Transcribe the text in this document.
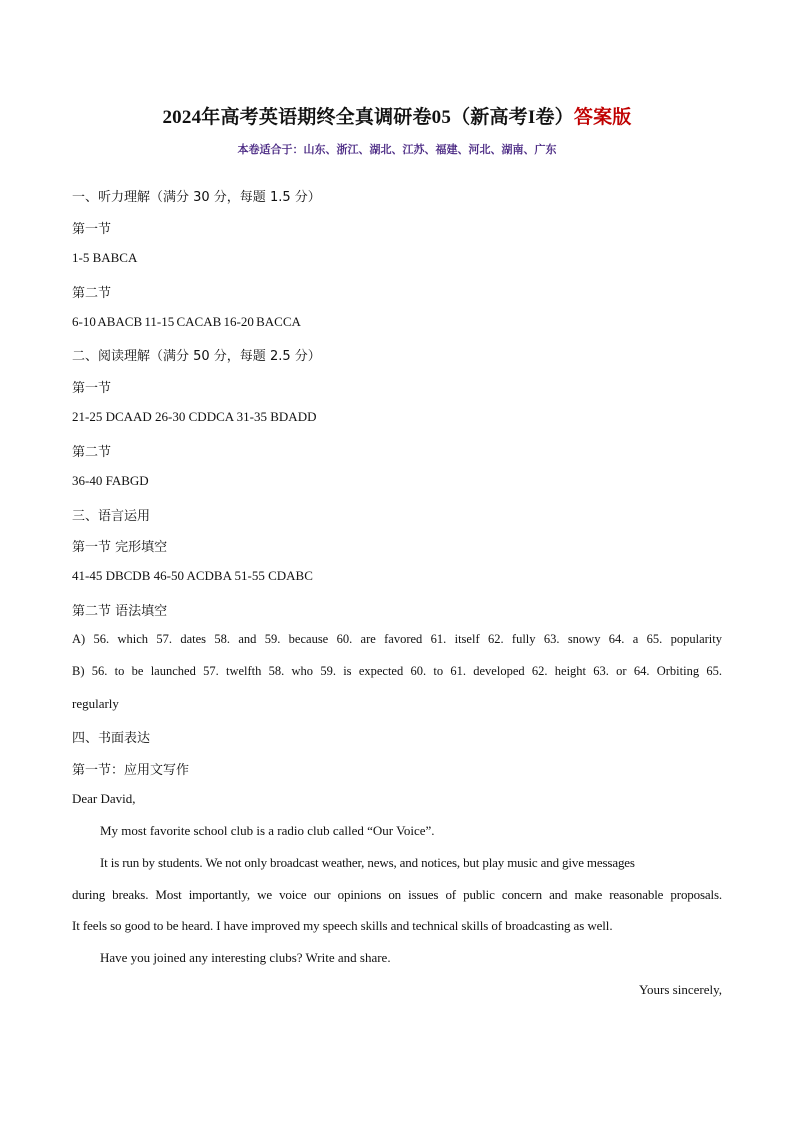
2024年高考英语期终全真调研卷05（新高考I卷）答案版
本卷适合于：山东、浙江、湖北、江苏、福建、河北、湖南、广东
一、听力理解（满分 30 分，每题 1.5 分）
第一节
1-5 BABCA
第二节
6-10 ABACB 11-15 CACAB 16-20 BACCA
二、阅读理解（满分 50 分，每题 2.5 分）
第一节
21-25 DCAAD 26-30 CDDCA 31-35 BDADD
第二节
36-40 FABGD
三、语言运用
第一节 完形填空
41-45 DBCDB 46-50 ACDBA 51-55 CDABC
第二节 语法填空
A) 56. which 57. dates 58. and 59. because 60. are favored 61. itself 62. fully 63. snowy 64. a 65. popularity
B) 56. to be launched 57. twelfth 58. who 59. is expected 60. to 61. developed 62. height 63. or 64. Orbiting 65.
regularly
四、书面表达
第一节：应用文写作
Dear David,
My most favorite school club is a radio club called “Our Voice”.
It is run by students. We not only broadcast weather, news, and notices, but play music and give messages
during breaks. Most importantly, we voice our opinions on issues of public concern and make reasonable proposals.
It feels so good to be heard. I have improved my speech skills and technical skills of broadcasting as well.
Have you joined any interesting clubs? Write and share.
Yours sincerely,
